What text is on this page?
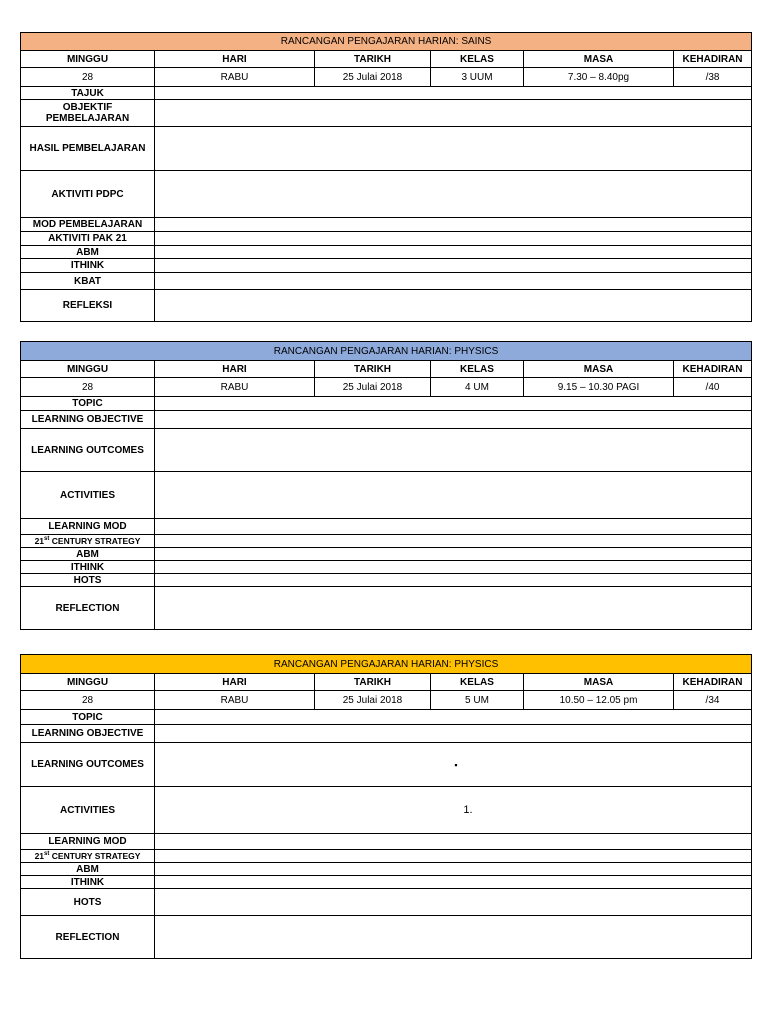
RANCANGAN PENGAJARAN HARIAN: SAINS					
MINGGU	HARI	TARIKH	KELAS	MASA	KEHADIRAN
28	RABU	25 Julai 2018	3 UUM	7.30 – 8.40pg	/38
TAJUK					
OBJEKTIF PEMBELAJARAN					
HASIL PEMBELAJARAN					
AKTIVITI PDPC					
MOD PEMBELAJARAN					
AKTIVITI PAK 21					
ABM					
ITHINK					
KBAT					
REFLEKSI					
RANCANGAN PENGAJARAN HARIAN: PHYSICS					
MINGGU	HARI	TARIKH	KELAS	MASA	KEHADIRAN
28	RABU	25 Julai 2018	4 UM	9.15 – 10.30 PAGI	/40
TOPIC					
LEARNING OBJECTIVE					
LEARNING OUTCOMES					
ACTIVITIES					
LEARNING MOD					
21st CENTURY STRATEGY					
ABM					
ITHINK					
HOTS					
REFLECTION					
RANCANGAN PENGAJARAN HARIAN: PHYSICS					
MINGGU	HARI	TARIKH	KELAS	MASA	KEHADIRAN
28	RABU	25 Julai 2018	5 UM	10.50 – 12.05 pm	/34
TOPIC					
LEARNING OBJECTIVE					
LEARNING OUTCOMES	▪				
ACTIVITIES	1.				
LEARNING MOD					
21st CENTURY STRATEGY					
ABM					
ITHINK					
HOTS					
REFLECTION					
